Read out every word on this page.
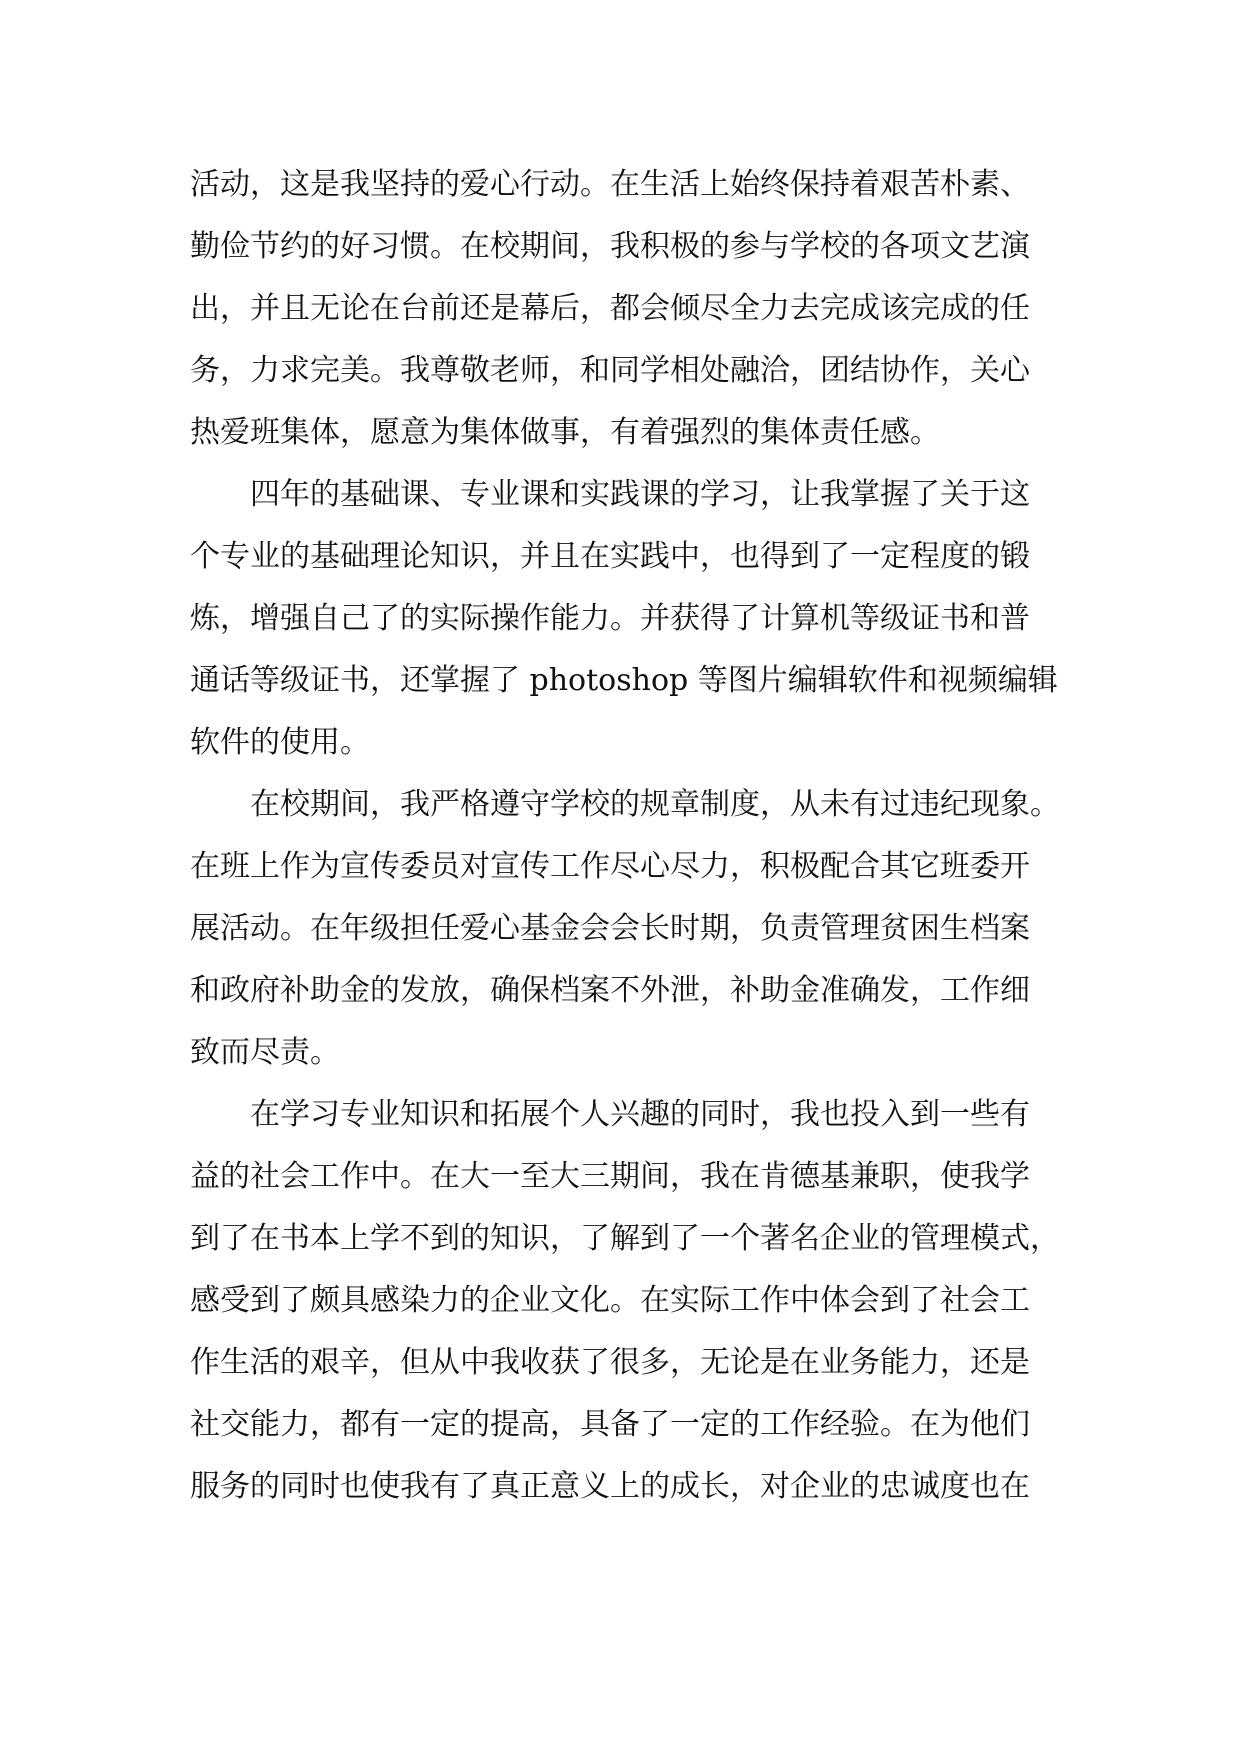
活动，这是我坚持的爱心行动。在生活上始终保持着艰苦朴素、
勤俭节约的好习惯。在校期间，我积极的参与学校的各项文艺演
出，并且无论在台前还是幕后，都会倾尽全力去完成该完成的任
务，力求完美。我尊敬老师，和同学相处融洽，团结协作，关心
热爱班集体，愿意为集体做事，有着强烈的集体责任感。
　　四年的基础课、专业课和实践课的学习，让我掌握了关于这
个专业的基础理论知识，并且在实践中，也得到了一定程度的锻
炼，增强自己了的实际操作能力。并获得了计算机等级证书和普
通话等级证书，还掌握了 photoshop 等图片编辑软件和视频编辑
软件的使用。
　　在校期间，我严格遵守学校的规章制度，从未有过违纪现象。
在班上作为宣传委员对宣传工作尽心尽力，积极配合其它班委开
展活动。在年级担任爱心基金会会长时期，负责管理贫困生档案
和政府补助金的发放，确保档案不外泄，补助金准确发，工作细
致而尽责。
　　在学习专业知识和拓展个人兴趣的同时，我也投入到一些有
益的社会工作中。在大一至大三期间，我在肯德基兼职，使我学
到了在书本上学不到的知识，了解到了一个著名企业的管理模式，
感受到了颇具感染力的企业文化。在实际工作中体会到了社会工
作生活的艰辛，但从中我收获了很多，无论是在业务能力，还是
社交能力，都有一定的提高，具备了一定的工作经验。在为他们
服务的同时也使我有了真正意义上的成长，对企业的忠诚度也在
